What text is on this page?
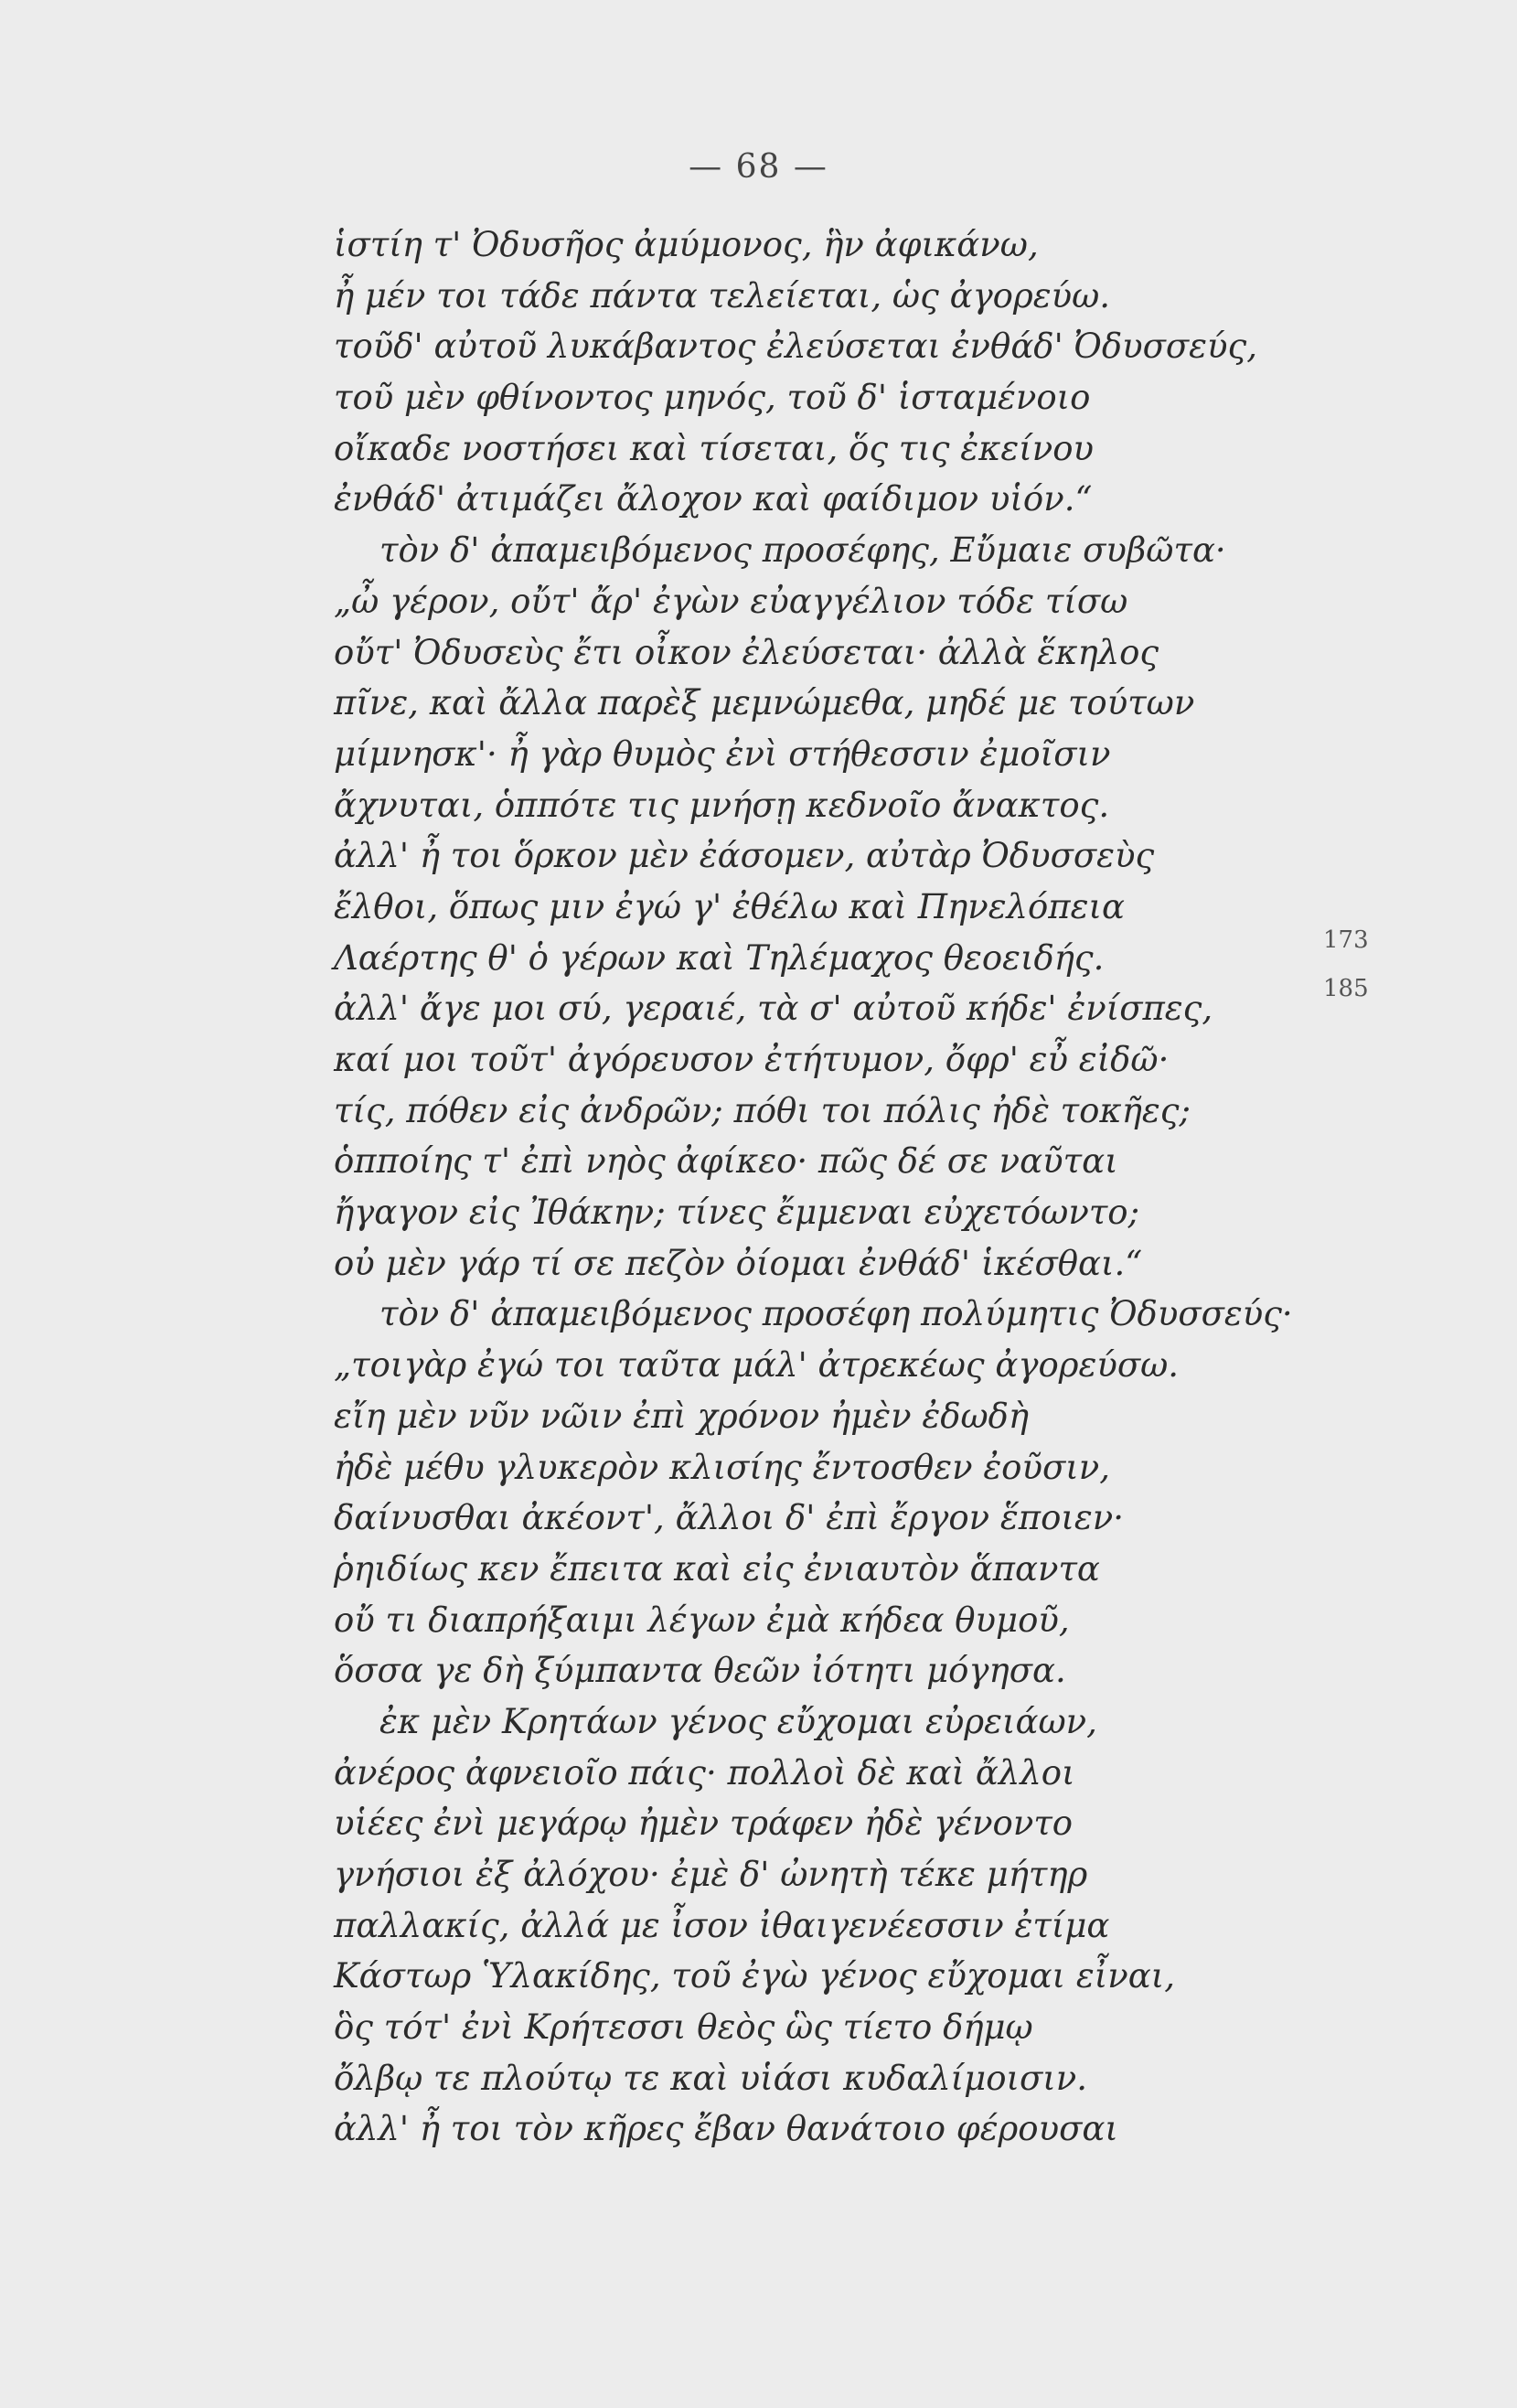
— 68 —
ἱστίη τ' Ὀδυσῆος ἀμύμονος, ἣν ἀφικάνω,
ἦ μέν τοι τάδε πάντα τελείεται, ὡς ἀγορεύω.
τοῦδ' αὐτοῦ λυκάβαντος ἐλεύσεται ἐνθάδ' Ὀδυσσεύς,
τοῦ μὲν φθίνοντος μηνός, τοῦ δ' ἱσταμένοιο
οἴκαδε νοστήσει καὶ τίσεται, ὅς τις ἐκείνου
ἐνθάδ' ἀτιμάζει ἄλοχον καὶ φαίδιμον υἱόν.“
τὸν δ' ἀπαμειβόμενος προσέφης, Εὔμαιε συβῶτα·
„ὦ γέρον, οὔτ' ἄρ' ἐγὼν εὐαγγέλιον τόδε τίσω
οὔτ' Ὀδυσεὺς ἔτι οἶκον ἐλεύσεται· ἀλλὰ ἕκηλος
πῖνε, καὶ ἄλλα παρὲξ μεμνώμεθα, μηδέ με τούτων
μίμνησκ'· ἦ γὰρ θυμὸς ἐνὶ στήθεσσιν ἐμοῖσιν
ἄχνυται, ὁππότε τις μνήσῃ κεδνοῖο ἄνακτος.
ἀλλ' ἦ τοι ὅρκον μὲν ἐάσομεν, αὐτὰρ Ὀδυσσεὺς
ἔλθοι, ὅπως μιν ἐγώ γ' ἐθέλω καὶ Πηνελόπεια
Λαέρτης θ' ὁ γέρων καὶ Τηλέμαχος θεοειδής.
ἀλλ' ἄγε μοι σύ, γεραιέ, τὰ σ' αὐτοῦ κήδε' ἐνίσπες,
καί μοι τοῦτ' ἀγόρευσον ἐτήτυμον, ὄφρ' εὖ εἰδῶ·
τίς, πόθεν εἰς ἀνδρῶν; πόθι τοι πόλις ἠδὲ τοκῆες;
ὁπποίης τ' ἐπὶ νηὸς ἀφίκεο· πῶς δέ σε ναῦται
ἤγαγον εἰς Ἰθάκην; τίνες ἔμμεναι εὐχετόωντο;
οὐ μὲν γάρ τί σε πεζὸν ὀίομαι ἐνθάδ' ἱκέσθαι.“
τὸν δ' ἀπαμειβόμενος προσέφη πολύμητις Ὀδυσσεύς·
„τοιγὰρ ἐγώ τοι ταῦτα μάλ' ἀτρεκέως ἀγορεύσω.
εἴη μὲν νῦν νῶιν ἐπὶ χρόνον ἠμὲν ἐδωδὴ
ἠδὲ μέθυ γλυκερὸν κλισίης ἔντοσθεν ἐοῦσιν,
δαίνυσθαι ἀκέοντ', ἄλλοι δ' ἐπὶ ἔργον ἕποιεν·
ῥηιδίως κεν ἔπειτα καὶ εἰς ἐνιαυτὸν ἅπαντα
οὔ τι διαπρήξαιμι λέγων ἐμὰ κήδεα θυμοῦ,
ὅσσα γε δὴ ξύμπαντα θεῶν ἰότητι μόγησα.
ἐκ μὲν Κρητάων γένος εὔχομαι εὐρειάων,
ἀνέρος ἀφνειοῖο πάις· πολλοὶ δὲ καὶ ἄλλοι
υἱέες ἐνὶ μεγάρῳ ἠμὲν τράφεν ἠδὲ γένοντο
γνήσιοι ἐξ ἀλόχου· ἐμὲ δ' ὠνητὴ τέκε μήτηρ
παλλακίς, ἀλλά με ἶσον ἰθαιγενέεσσιν ἐτίμα
Κάστωρ Ὑλακίδης, τοῦ ἐγὼ γένος εὔχομαι εἶναι,
ὃς τότ' ἐνὶ Κρήτεσσι θεὸς ὣς τίετο δήμῳ
ὄλβῳ τε πλούτῳ τε καὶ υἱάσι κυδαλίμοισιν.
ἀλλ' ἦ τοι τὸν κῆρες ἔβαν θανάτοιο φέρουσαι
173
185
